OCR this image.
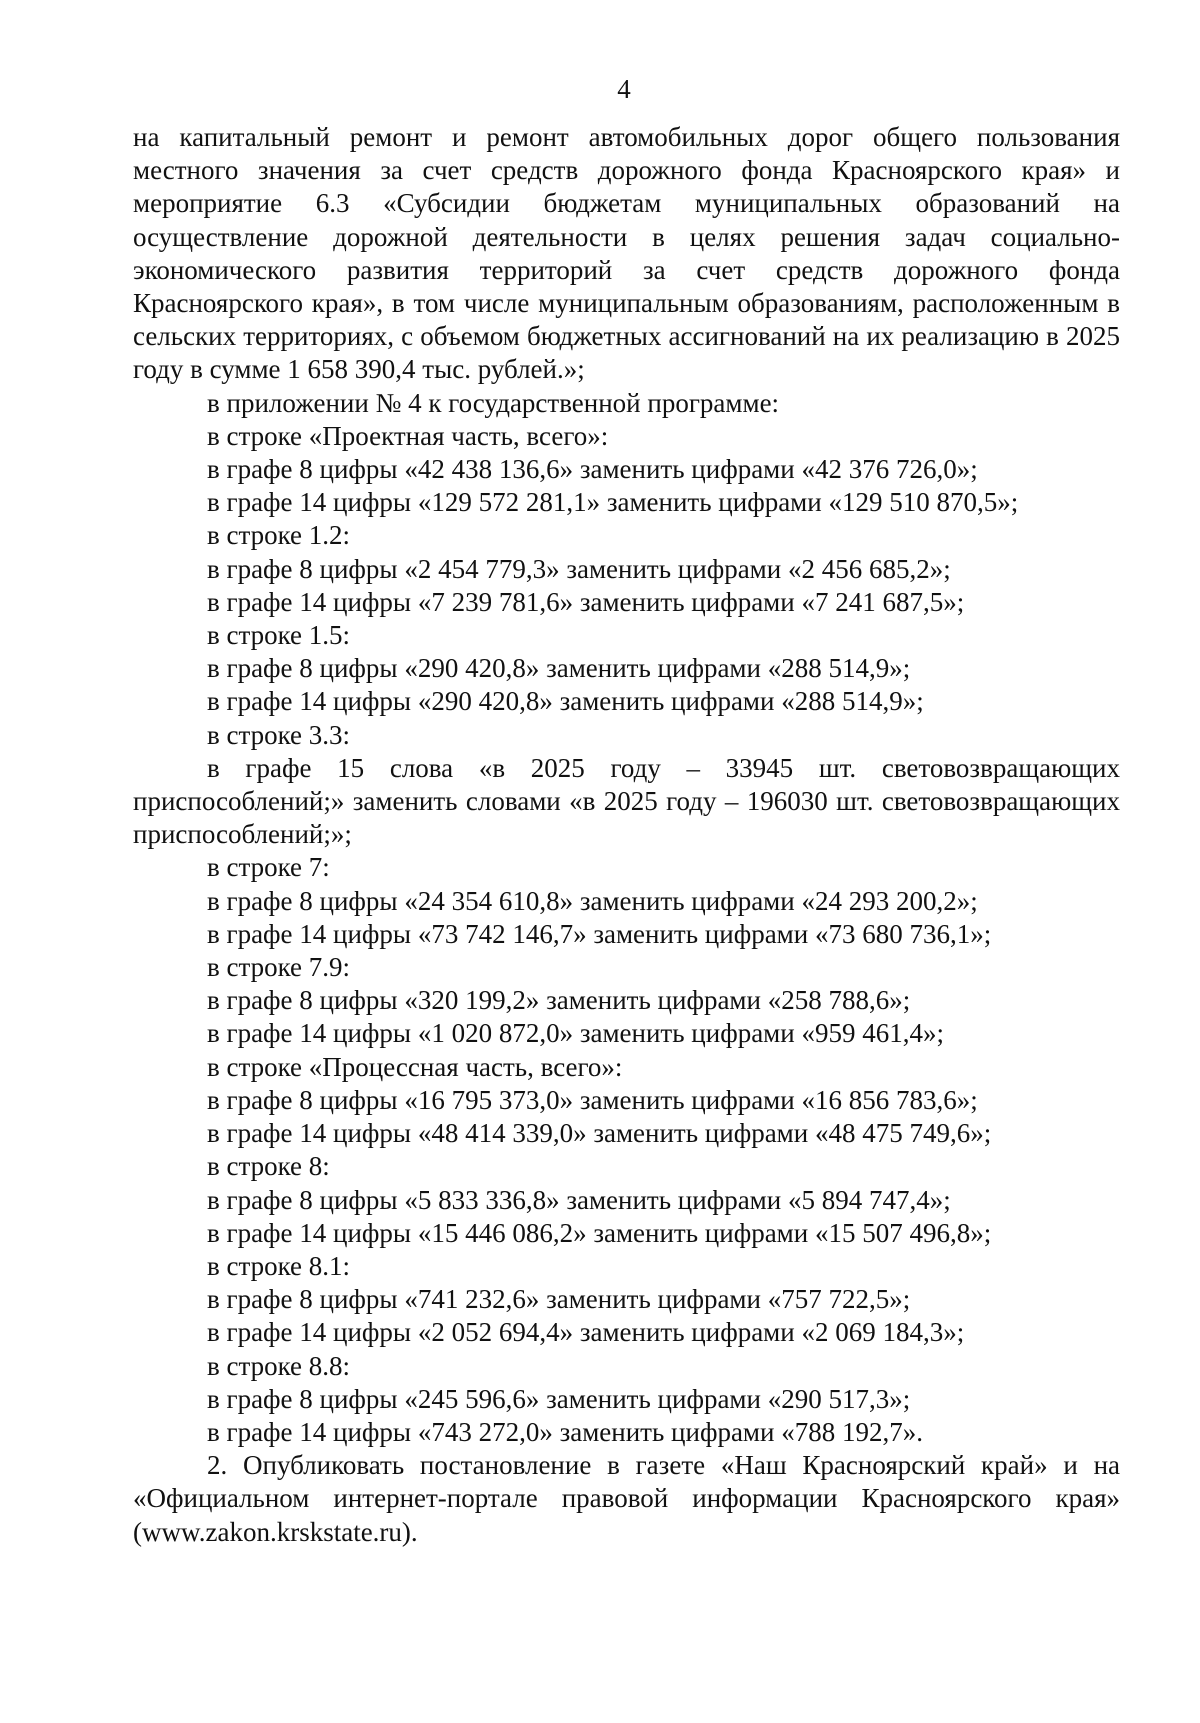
4

на капитальный ремонт и ремонт автомобильных дорог общего пользования местного значения за счет средств дорожного фонда Красноярского края» и мероприятие 6.3 «Субсидии бюджетам муниципальных образований на осуществление дорожной деятельности в целях решения задач социально-экономического развития территорий за счет средств дорожного фонда Красноярского края», в том числе муниципальным образованиям, расположенным в сельских территориях, с объемом бюджетных ассигнований на их реализацию в 2025 году в сумме 1 658 390,4 тыс. рублей.»;

в приложении № 4 к государственной программе:

в строке «Проектная часть, всего»:

в графе 8 цифры «42 438 136,6» заменить цифрами «42 376 726,0»;

в графе 14 цифры «129 572 281,1» заменить цифрами «129 510 870,5»;

в строке 1.2:

в графе 8 цифры «2 454 779,3» заменить цифрами «2 456 685,2»;

в графе 14 цифры «7 239 781,6» заменить цифрами «7 241 687,5»;

в строке 1.5:

в графе 8 цифры «290 420,8» заменить цифрами «288 514,9»;

в графе 14 цифры «290 420,8» заменить цифрами «288 514,9»;

в строке 3.3:

в графе 15 слова «в 2025 году – 33945 шт. световозвращающих приспособлений;» заменить словами «в 2025 году – 196030 шт. световозвращающих приспособлений;»;

в строке 7:

в графе 8 цифры «24 354 610,8» заменить цифрами «24 293 200,2»;

в графе 14 цифры «73 742 146,7» заменить цифрами «73 680 736,1»;

в строке 7.9:

в графе 8 цифры «320 199,2» заменить цифрами «258 788,6»;

в графе 14 цифры «1 020 872,0» заменить цифрами «959 461,4»;

в строке «Процессная часть, всего»:

в графе 8 цифры «16 795 373,0» заменить цифрами «16 856 783,6»;

в графе 14 цифры «48 414 339,0» заменить цифрами «48 475 749,6»;

в строке 8:

в графе 8 цифры «5 833 336,8» заменить цифрами «5 894 747,4»;

в графе 14 цифры «15 446 086,2» заменить цифрами «15 507 496,8»;

в строке 8.1:

в графе 8 цифры «741 232,6» заменить цифрами «757 722,5»;

в графе 14 цифры «2 052 694,4» заменить цифрами «2 069 184,3»;

в строке 8.8:

в графе 8 цифры «245 596,6» заменить цифрами «290 517,3»;

в графе 14 цифры «743 272,0» заменить цифрами «788 192,7».

2. Опубликовать постановление в газете «Наш Красноярский край» и на «Официальном интернет-портале правовой информации Красноярского края» (www.zakon.krskstate.ru).
